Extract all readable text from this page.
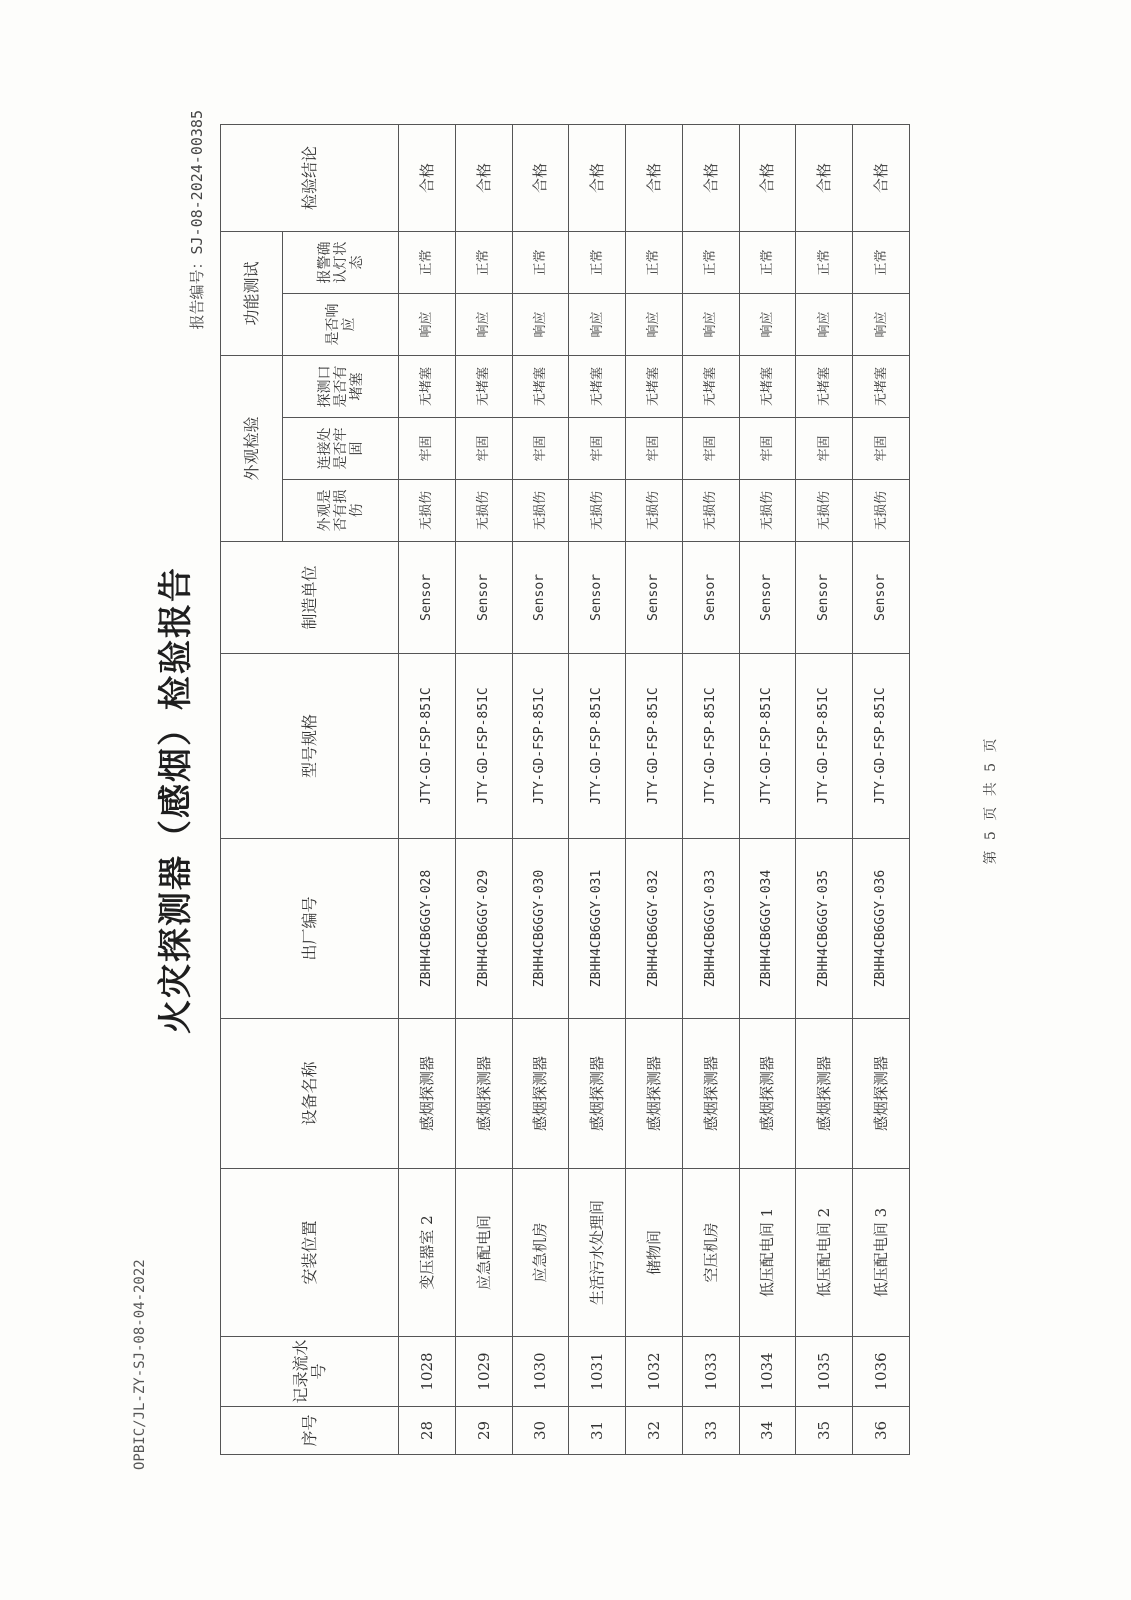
OPBIC/JL-ZY-SJ-08-04-2022
火灾探测器（感烟）检验报告
报告编号：SJ-08-2024-00385
序号	记录流水号	安装位置	设备名称	出厂编号	型号规格	制造单位	外观检验			功能测试		检验结论
							外观是否有损伤	连接处是否牢固	探测口是否有堵塞	是否响应	报警确认灯状态	
28	1028	变压器室 2	感烟探测器	ZBHH4CB6GGY-028	JTY-GD-FSP-851C	Sensor	无损伤	牢固	无堵塞	响应	正常	合格
29	1029	应急配电间	感烟探测器	ZBHH4CB6GGY-029	JTY-GD-FSP-851C	Sensor	无损伤	牢固	无堵塞	响应	正常	合格
30	1030	应急机房	感烟探测器	ZBHH4CB6GGY-030	JTY-GD-FSP-851C	Sensor	无损伤	牢固	无堵塞	响应	正常	合格
31	1031	生活污水处理间	感烟探测器	ZBHH4CB6GGY-031	JTY-GD-FSP-851C	Sensor	无损伤	牢固	无堵塞	响应	正常	合格
32	1032	储物间	感烟探测器	ZBHH4CB6GGY-032	JTY-GD-FSP-851C	Sensor	无损伤	牢固	无堵塞	响应	正常	合格
33	1033	空压机房	感烟探测器	ZBHH4CB6GGY-033	JTY-GD-FSP-851C	Sensor	无损伤	牢固	无堵塞	响应	正常	合格
34	1034	低压配电间 1	感烟探测器	ZBHH4CB6GGY-034	JTY-GD-FSP-851C	Sensor	无损伤	牢固	无堵塞	响应	正常	合格
35	1035	低压配电间 2	感烟探测器	ZBHH4CB6GGY-035	JTY-GD-FSP-851C	Sensor	无损伤	牢固	无堵塞	响应	正常	合格
36	1036	低压配电间 3	感烟探测器	ZBHH4CB6GGY-036	JTY-GD-FSP-851C	Sensor	无损伤	牢固	无堵塞	响应	正常	合格
第 5 页 共 5 页
